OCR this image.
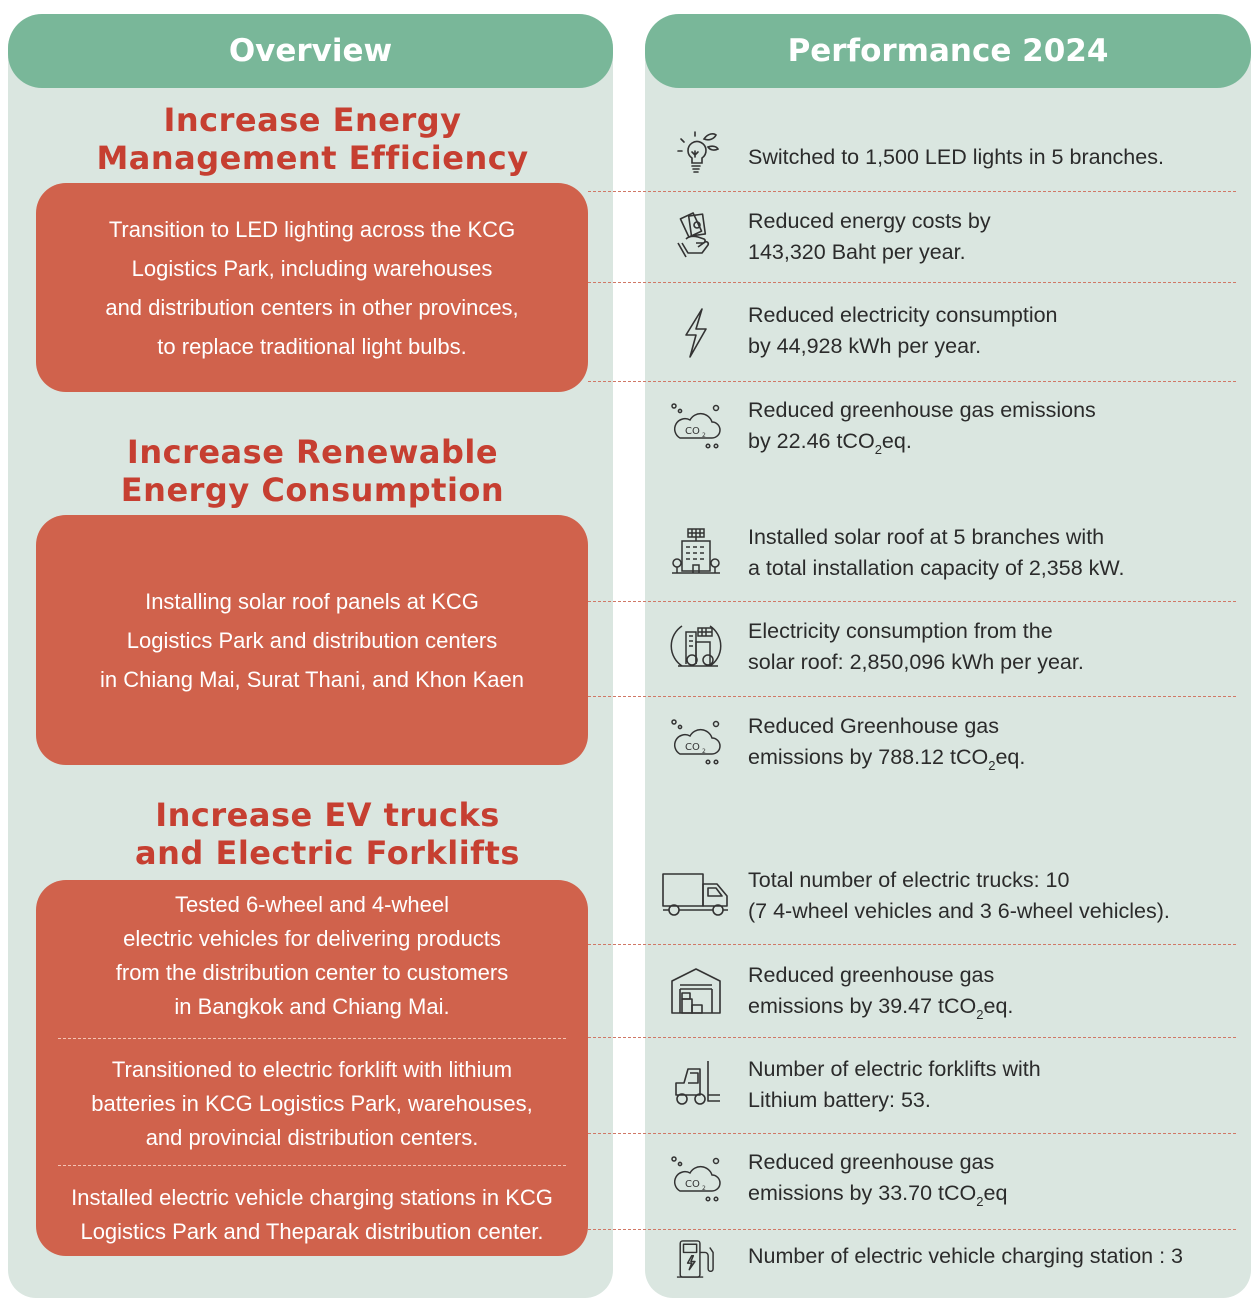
Overview	Performance 2024
Increase Energy
Management Efficiency
Increase Renewable
Energy Consumption
Increase EV trucks
and Electric Forklifts
Transition to LED lighting across the KCG
Logistics Park, including warehouses
and distribution centers in other provinces,
to replace traditional light bulbs.
Installing solar roof panels at KCG
Logistics Park and distribution centers
in Chiang Mai, Surat Thani, and Khon Kaen
Tested 6-wheel and 4-wheel
electric vehicles for delivering products
from the distribution center to customers
in Bangkok and Chiang Mai.
Transitioned to electric forklift with lithium
batteries in KCG Logistics Park, warehouses,
and provincial distribution centers.
Installed electric vehicle charging stations in KCG
Logistics Park and Theparak distribution center.
Switched to 1,500 LED lights in 5 branches.
Reduced energy costs by
143,320 Baht per year.
Reduced electricity consumption
by 44,928 kWh per year.
CO 2
Reduced greenhouse gas emissions
by 22.46 tCO$_2$eq.
Installed solar roof at 5 branches with
a total installation capacity of 2,358 kW.
Electricity consumption from the
solar roof: 2,850,096 kWh per year.
CO 2
Reduced Greenhouse gas
emissions by 788.12 tCO$_2$eq.
Total number of electric trucks: 10
(7 4-wheel vehicles and 3 6-wheel vehicles).
Reduced greenhouse gas
emissions by 39.47 tCO$_2$eq.
Number of electric forklifts with
Lithium battery: 53.
CO 2
Reduced greenhouse gas
emissions by 33.70 tCO$_2$eq
Number of electric vehicle charging station : 3
